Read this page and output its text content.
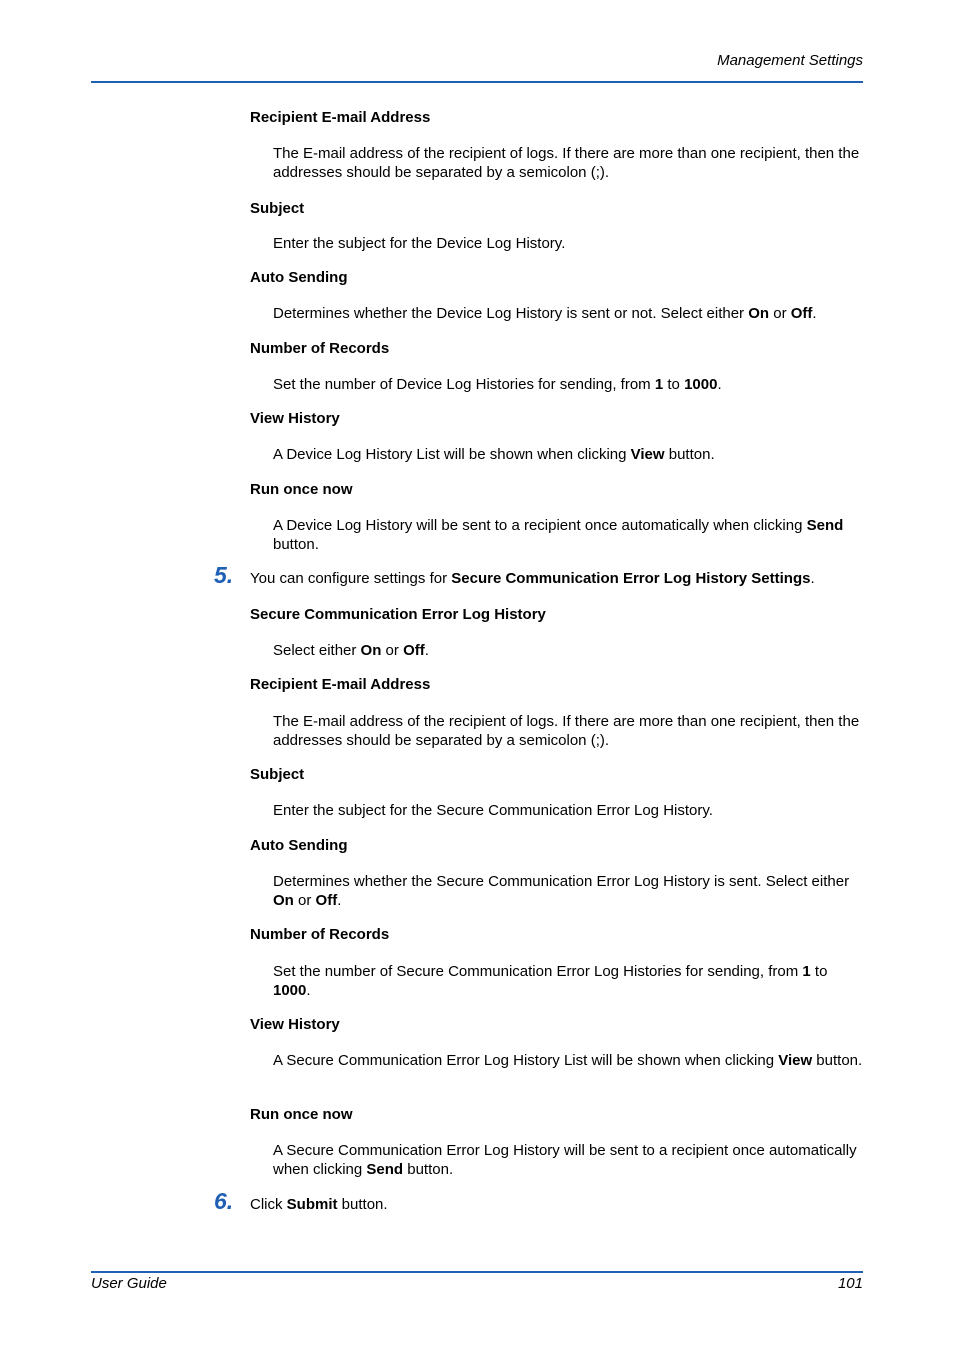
Management Settings
Recipient E-mail Address
The E-mail address of the recipient of logs. If there are more than one recipient, then the addresses should be separated by a semicolon (;).
Subject
Enter the subject for the Device Log History.
Auto Sending
Determines whether the Device Log History is sent or not. Select either On or Off.
Number of Records
Set the number of Device Log Histories for sending, from 1 to 1000.
View History
A Device Log History List will be shown when clicking View button.
Run once now
A Device Log History will be sent to a recipient once automatically when clicking Send button.
5. You can configure settings for Secure Communication Error Log History Settings.
Secure Communication Error Log History
Select either On or Off.
Recipient E-mail Address
The E-mail address of the recipient of logs. If there are more than one recipient, then the addresses should be separated by a semicolon (;).
Subject
Enter the subject for the Secure Communication Error Log History.
Auto Sending
Determines whether the Secure Communication Error Log History is sent. Select either On or Off.
Number of Records
Set the number of Secure Communication Error Log Histories for sending, from 1 to 1000.
View History
A Secure Communication Error Log History List will be shown when clicking View button.
Run once now
A Secure Communication Error Log History will be sent to a recipient once automatically when clicking Send button.
6. Click Submit button.
User Guide	101
